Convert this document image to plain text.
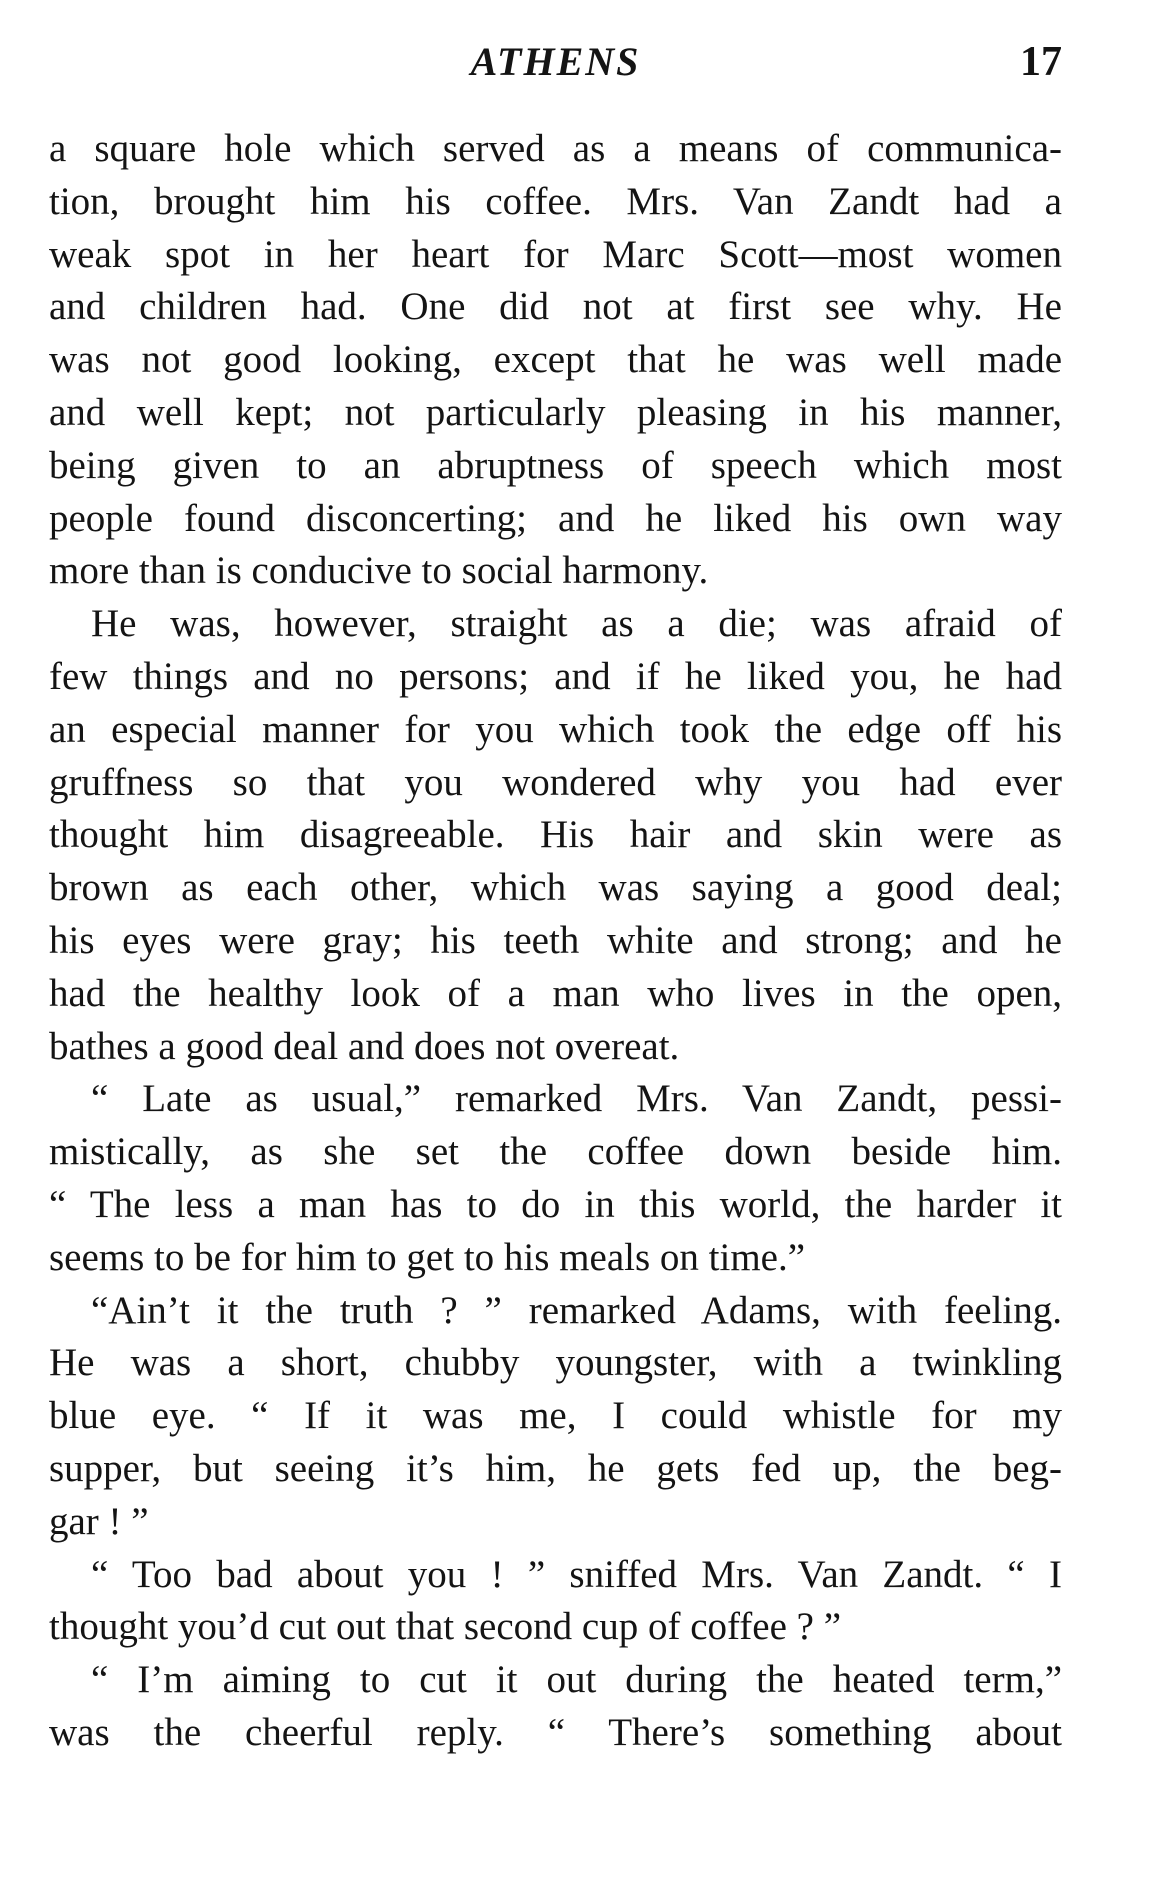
ATHENS	17
a square hole which served as a means of communica-
tion, brought him his coffee. Mrs. Van Zandt had a
weak spot in her heart for Marc Scott—most women
and children had. One did not at first see why. He
was not good looking, except that he was well made
and well kept; not particularly pleasing in his manner,
being given to an abruptness of speech which most
people found disconcerting; and he liked his own way
more than is conducive to social harmony.
He was, however, straight as a die; was afraid of
few things and no persons; and if he liked you, he had
an especial manner for you which took the edge off his
gruffness so that you wondered why you had ever
thought him disagreeable. His hair and skin were as
brown as each other, which was saying a good deal;
his eyes were gray; his teeth white and strong; and he
had the healthy look of a man who lives in the open,
bathes a good deal and does not overeat.
“ Late as usual,” remarked Mrs. Van Zandt, pessi-
mistically, as she set the coffee down beside him.
“ The less a man has to do in this world, the harder it
seems to be for him to get to his meals on time.”
“Ain’t it the truth ? ” remarked Adams, with feeling.
He was a short, chubby youngster, with a twinkling
blue eye. “ If it was me, I could whistle for my
supper, but seeing it’s him, he gets fed up, the beg-
gar ! ”
“ Too bad about you ! ” sniffed Mrs. Van Zandt. “ I
thought you’d cut out that second cup of coffee ? ”
“ I’m aiming to cut it out during the heated term,”
was the cheerful reply. “ There’s something about
